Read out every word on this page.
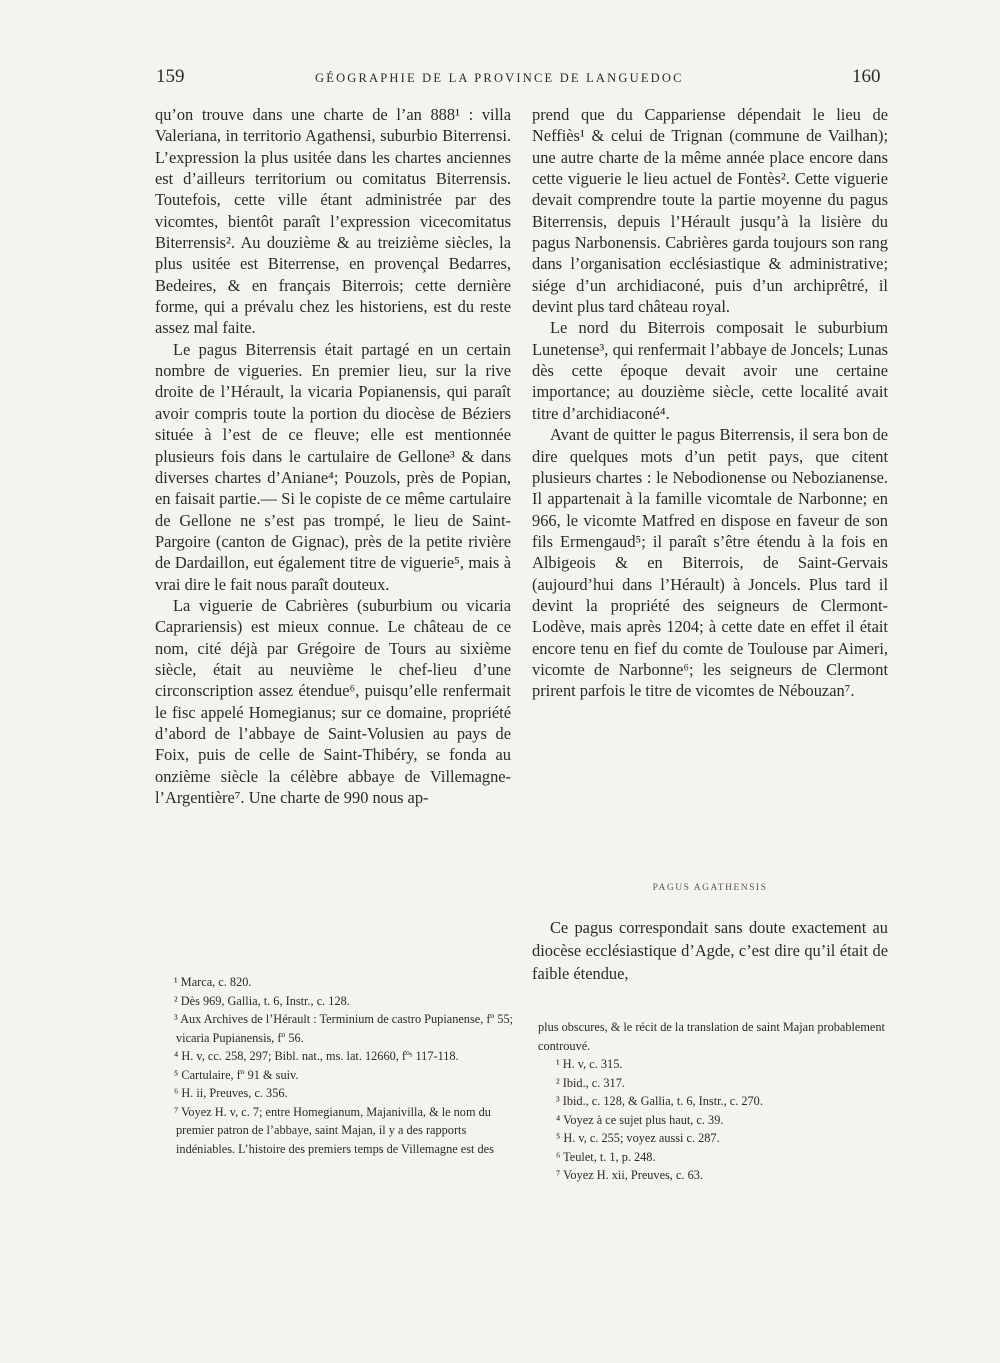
159	GÉOGRAPHIE DE LA PROVINCE DE LANGUEDOC	160

qu’on trouve dans une charte de l’an 888¹ : villa Valeriana, in territorio Agathensi, suburbio Biterrensi. L’expression la plus usitée dans les chartes anciennes est d’ailleurs territorium ou comitatus Biterrensis. Toutefois, cette ville étant administrée par des vicomtes, bientôt paraît l’expression vicecomitatus Biterrensis². Au douzième & au treizième siècles, la plus usitée est Biterrense, en provençal Bedarres, Bedeires, & en français Biterrois; cette dernière forme, qui a prévalu chez les historiens, est du reste assez mal faite.

Le pagus Biterrensis était partagé en un certain nombre de vigueries. En premier lieu, sur la rive droite de l’Hérault, la vicaria Popianensis, qui paraît avoir compris toute la portion du diocèse de Béziers située à l’est de ce fleuve; elle est mentionnée plusieurs fois dans le cartulaire de Gellone³ & dans diverses chartes d’Aniane⁴; Pouzols, près de Popian, en faisait partie.— Si le copiste de ce même cartulaire de Gellone ne s’est pas trompé, le lieu de Saint-Pargoire (canton de Gignac), près de la petite rivière de Dardaillon, eut également titre de viguerie⁵, mais à vrai dire le fait nous paraît douteux.

La viguerie de Cabrières (suburbium ou vicaria Caprariensis) est mieux connue. Le château de ce nom, cité déjà par Grégoire de Tours au sixième siècle, était au neuvième le chef-lieu d’une circonscription assez étendue⁶, puisqu’elle renfermait le fisc appelé Homegianus; sur ce domaine, propriété d’abord de l’abbaye de Saint-Volusien au pays de Foix, puis de celle de Saint-Thibéry, se fonda au onzième siècle la célèbre abbaye de Villemagne-l’Argentière⁷. Une charte de 990 nous ap-

prend que du Cappariense dépendait le lieu de Neffiès¹ & celui de Trignan (commune de Vailhan); une autre charte de la même année place encore dans cette viguerie le lieu actuel de Fontès². Cette viguerie devait comprendre toute la partie moyenne du pagus Biterrensis, depuis l’Hérault jusqu’à la lisière du pagus Narbonensis. Cabrières garda toujours son rang dans l’organisation ecclésiastique & administrative; siége d’un archidiaconé, puis d’un archiprêtré, il devint plus tard château royal.

Le nord du Biterrois composait le suburbium Lunetense³, qui renfermait l’abbaye de Joncels; Lunas dès cette époque devait avoir une certaine importance; au douzième siècle, cette localité avait titre d’archidiaconé⁴.

Avant de quitter le pagus Biterrensis, il sera bon de dire quelques mots d’un petit pays, que citent plusieurs chartes : le Nebodionense ou Nebozianense. Il appartenait à la famille vicomtale de Narbonne; en 966, le vicomte Matfred en dispose en faveur de son fils Ermengaud⁵; il paraît s’être étendu à la fois en Albigeois & en Biterrois, de Saint-Gervais (aujourd’hui dans l’Hérault) à Joncels. Plus tard il devint la propriété des seigneurs de Clermont-Lodève, mais après 1204; à cette date en effet il était encore tenu en fief du comte de Toulouse par Aimeri, vicomte de Narbonne⁶; les seigneurs de Clermont prirent parfois le titre de vicomtes de Nébouzan⁷.

PAGUS AGATHENSIS

Ce pagus correspondait sans doute exactement au diocèse ecclésiastique d’Agde, c’est dire qu’il était de faible étendue,

¹ Marca, c. 820.
² Dès 969, Gallia, t. 6, Instr., c. 128.
³ Aux Archives de l’Hérault : Terminium de castro Pupianense, fº 55; vicaria Pupianensis, fº 56.
⁴ H. v, cc. 258, 297; Bibl. nat., ms. lat. 12660, fºˢ 117-118.
⁵ Cartulaire, fº 91 & suiv.
⁶ H. ii, Preuves, c. 356.
⁷ Voyez H. v, c. 7; entre Homegianum, Majanivilla, & le nom du premier patron de l’abbaye, saint Majan, il y a des rapports indéniables. L’histoire des premiers temps de Villemagne est des
plus obscures, & le récit de la translation de saint Majan probablement controuvé.
¹ H. v, c. 315.
² Ibid., c. 317.
³ Ibid., c. 128, & Gallia, t. 6, Instr., c. 270.
⁴ Voyez à ce sujet plus haut, c. 39.
⁵ H. v, c. 255; voyez aussi c. 287.
⁶ Teulet, t. 1, p. 248.
⁷ Voyez H. xii, Preuves, c. 63.
